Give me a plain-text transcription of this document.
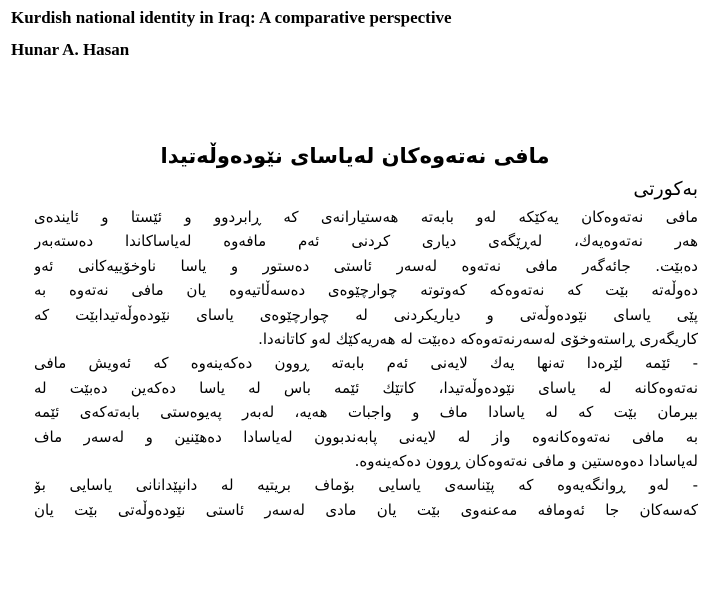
Kurdish national identity in Iraq: A comparative perspective
Hunar A. Hasan
مافی نەتەوەکان لەیاسای نێودەوڵەتیدا
بەکورتی
مافی نەتەوەکان یەکێکە لەو بابەتە هەستیارانەی کە ڕابردوو و ئێستا و ئایندەی
هەر نەتەوەیەك، لەڕێگەی دیاری کردنی ئەم مافەوە لەیاساکاندا دەستەبەر
دەبێت. جائەگەر مافی نەتەوە لەسەر ئاستی دەستور و یاسا ناوخۆییەکانی ئەو
دەوڵەتە بێت کە نەتەوەکە کەوتوتە چوارچێوەی دەسەڵاتیەوە یان مافی نەتەوە بە
پێی یاسای نێودەوڵەتی و دیاریکردنی لە چوارچێوەی یاسای نێودەوڵەتیدابێت کە
کاریگەری ڕاستەوخۆی لەسەرنەتەوەکە دەبێت لە هەریەکێك لەو کاتانەدا.
- ئێمە لێرەدا تەنها یەك لایەنی ئەم بابەتە ڕوون دەکەینەوە کە ئەویش مافی
نەتەوەکانە لە یاسای نێودەوڵەتیدا، کاتێك ئێمە باس لە یاسا دەکەین دەبێت لە
بیرمان بێت کە لە یاسادا ماف و واجبات هەیە، لەبەر پەیوەستی بابەتەکەی ئێمە
بە مافی نەتەوەکانەوە واز لە لایەنی پابەندبوون لەیاسادا دەهێنین و لەسەر ماف
لەیاسادا دەوەستین و مافی نەتەوەکان ڕوون دەکەینەوە.
- لەو ڕوانگەیەوە کە پێناسەی یاسایی بۆماف بریتیە لە دانپێدانانی یاسایی بۆ
کەسەکان جا ئەومافە مەعنەوی بێت یان مادی لەسەر ئاستی نێودەوڵەتی بێت یان
